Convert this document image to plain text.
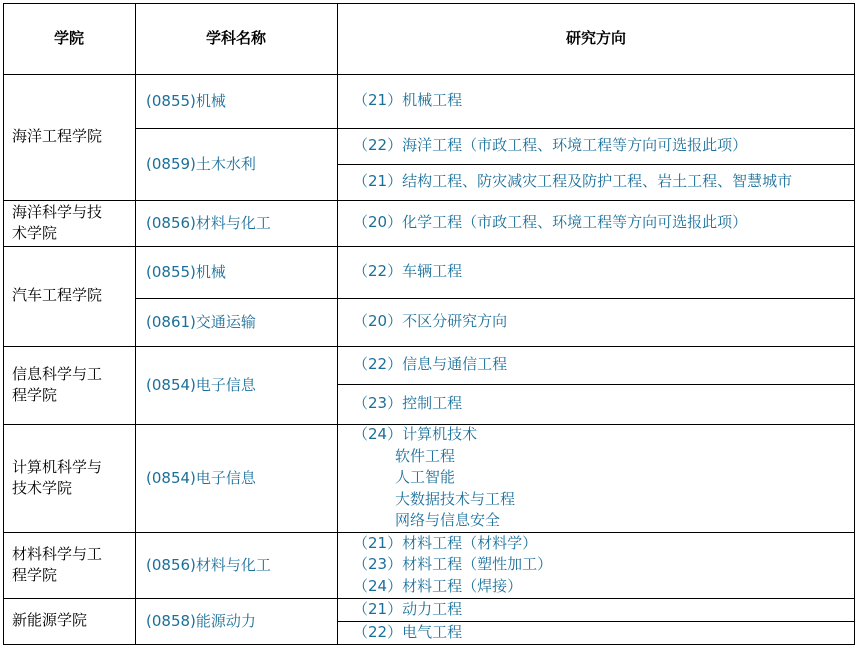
学院	学科名称	研究方向
（21）机械工程
(0855)机械
（22）海洋工程（市政工程、环境工程等方向可选报此项）
（21）结构工程、防灾减灾工程及防护工程、岩土工程、智慧城市
(0859)土木水利
海洋工程学院
（20）化学工程（市政工程、环境工程等方向可选报此项）
(0856)材料与化工
海洋科学与技
术学院
（22）车辆工程
(0855)机械
（20）不区分研究方向
(0861)交通运输
汽车工程学院
（22）信息与通信工程
（23）控制工程
(0854)电子信息
信息科学与工
程学院
（24）计算机技术
软件工程
人工智能
大数据技术与工程
网络与信息安全
(0854)电子信息
计算机科学与
技术学院
（21）材料工程（材料学）
（23）材料工程（塑性加工）
（24）材料工程（焊接）
(0856)材料与化工
材料科学与工
程学院
（21）动力工程
（22）电气工程
(0858)能源动力
新能源学院
